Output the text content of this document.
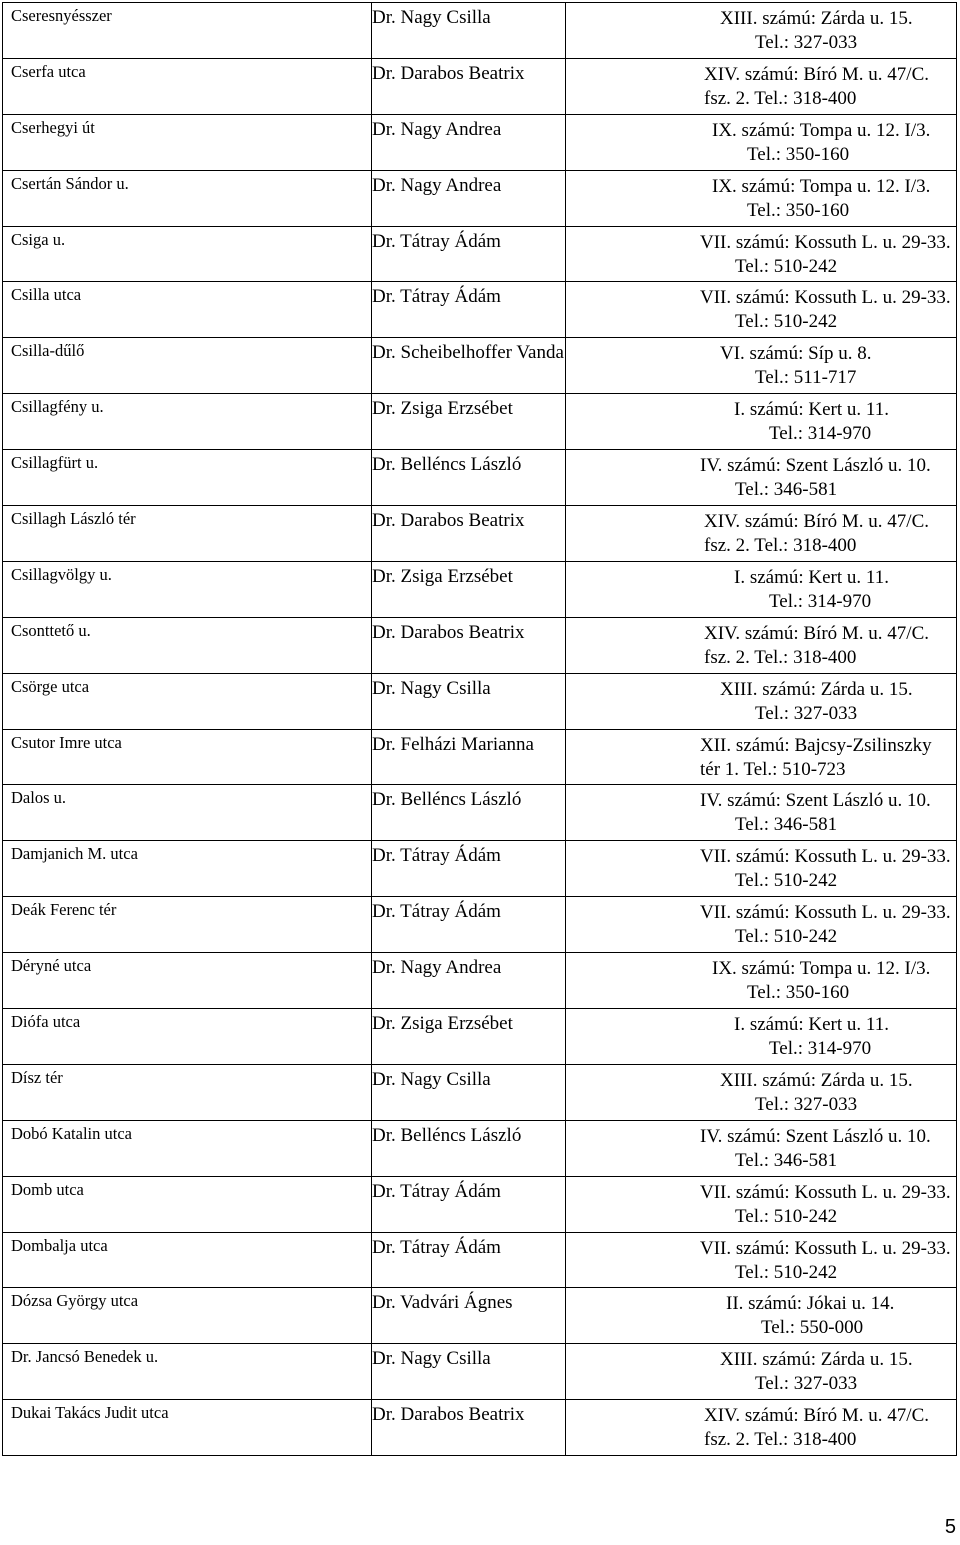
Cseresnyésszer	Dr. Nagy Csilla	XIII. számú: Zárda u. 15.
Tel.: 327-033

Cserfa utca	Dr. Darabos Beatrix	XIV. számú: Bíró M. u. 47/C.
fsz. 2. Tel.: 318-400

Cserhegyi út	Dr. Nagy Andrea	IX. számú: Tompa u. 12. I/3.
Tel.: 350-160

Csertán Sándor u.	Dr. Nagy Andrea	IX. számú: Tompa u. 12. I/3.
Tel.: 350-160

Csiga u.	Dr. Tátray Ádám	VII. számú: Kossuth L. u. 29-33.
Tel.: 510-242

Csilla utca	Dr. Tátray Ádám	VII. számú: Kossuth L. u. 29-33.
Tel.: 510-242

Csilla-dűlő	Dr. Scheibelhoffer Vanda	VI. számú: Síp u. 8.
Tel.: 511-717

Csillagfény u.	Dr. Zsiga Erzsébet	I. számú: Kert u. 11.
Tel.: 314-970

Csillagfürt u.	Dr. Belléncs László	IV. számú: Szent László u. 10.
Tel.: 346-581

Csillagh László tér	Dr. Darabos Beatrix	XIV. számú: Bíró M. u. 47/C.
fsz. 2. Tel.: 318-400

Csillagvölgy u.	Dr. Zsiga Erzsébet	I. számú: Kert u. 11.
Tel.: 314-970

Csonttető u.	Dr. Darabos Beatrix	XIV. számú: Bíró M. u. 47/C.
fsz. 2. Tel.: 318-400

Csörge utca	Dr. Nagy Csilla	XIII. számú: Zárda u. 15.
Tel.: 327-033

Csutor Imre utca	Dr. Felházi Marianna	XII. számú: Bajcsy-Zsilinszky
tér 1. Tel.: 510-723

Dalos u.	Dr. Belléncs László	IV. számú: Szent László u. 10.
Tel.: 346-581

Damjanich M. utca	Dr. Tátray Ádám	VII. számú: Kossuth L. u. 29-33.
Tel.: 510-242

Deák Ferenc tér	Dr. Tátray Ádám	VII. számú: Kossuth L. u. 29-33.
Tel.: 510-242

Déryné utca	Dr. Nagy Andrea	IX. számú: Tompa u. 12. I/3.
Tel.: 350-160

Diófa utca	Dr. Zsiga Erzsébet	I. számú: Kert u. 11.
Tel.: 314-970

Dísz tér	Dr. Nagy Csilla	XIII. számú: Zárda u. 15.
Tel.: 327-033

Dobó Katalin utca	Dr. Belléncs László	IV. számú: Szent László u. 10.
Tel.: 346-581

Domb utca	Dr. Tátray Ádám	VII. számú: Kossuth L. u. 29-33.
Tel.: 510-242

Dombalja utca	Dr. Tátray Ádám	VII. számú: Kossuth L. u. 29-33.
Tel.: 510-242

Dózsa György utca	Dr. Vadvári Ágnes	II. számú: Jókai u. 14.
Tel.: 550-000

Dr. Jancsó Benedek u.	Dr. Nagy Csilla	XIII. számú: Zárda u. 15.
Tel.: 327-033

Dukai Takács Judit utca	Dr. Darabos Beatrix	XIV. számú: Bíró M. u. 47/C.
fsz. 2. Tel.: 318-400
5
